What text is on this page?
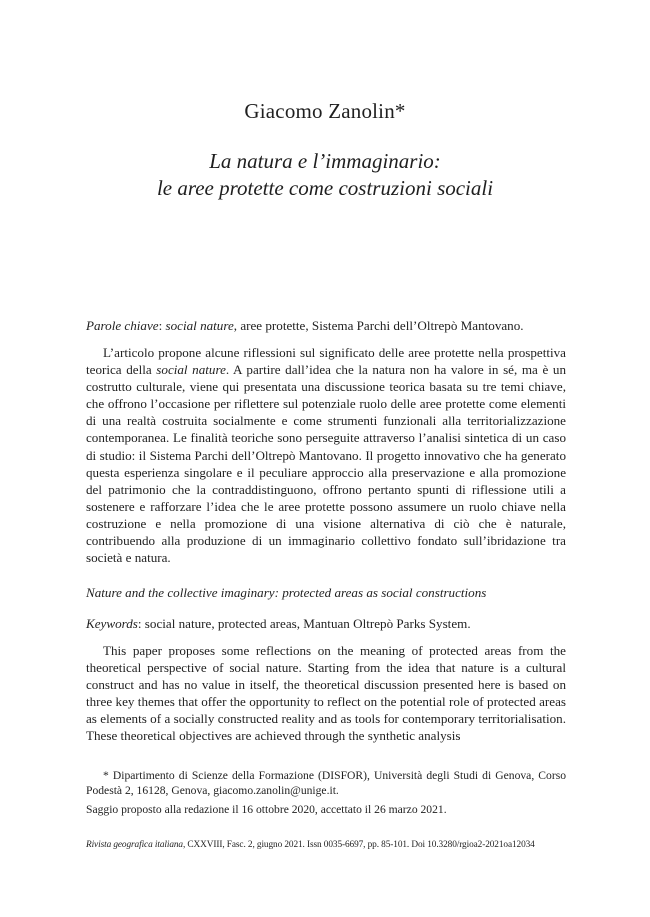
Giacomo Zanolin*
La natura e l’immaginario:
le aree protette come costruzioni sociali
Parole chiave: social nature, aree protette, Sistema Parchi dell’Oltrepò Mantovano.
L’articolo propone alcune riflessioni sul significato delle aree protette nella prospettiva teorica della social nature. A partire dall’idea che la natura non ha valore in sé, ma è un costrutto culturale, viene qui presentata una discussione teorica basata su tre temi chiave, che offrono l’occasione per riflettere sul potenziale ruolo delle aree protette come elementi di una realtà costruita socialmente e come strumenti funzionali alla territorializzazione contemporanea. Le finalità teoriche sono perseguite attraverso l’analisi sintetica di un caso di studio: il Sistema Parchi dell’Oltrepò Mantovano. Il progetto innovativo che ha generato questa esperienza singolare e il peculiare approccio alla preservazione e alla promozione del patrimonio che la contraddistinguono, offrono pertanto spunti di riflessione utili a sostenere e rafforzare l’idea che le aree protette possono assumere un ruolo chiave nella costruzione e nella promozione di una visione alternativa di ciò che è naturale, contribuendo alla produzione di un immaginario collettivo fondato sull’ibridazione tra società e natura.
Nature and the collective imaginary: protected areas as social constructions
Keywords: social nature, protected areas, Mantuan Oltrepò Parks System.
This paper proposes some reflections on the meaning of protected areas from the theoretical perspective of social nature. Starting from the idea that nature is a cultural construct and has no value in itself, the theoretical discussion presented here is based on three key themes that offer the opportunity to reflect on the potential role of protected areas as elements of a socially constructed reality and as tools for contemporary territorialisation. These theoretical objectives are achieved through the synthetic analysis
* Dipartimento di Scienze della Formazione (DISFOR), Università degli Studi di Genova, Corso Podestà 2, 16128, Genova, giacomo.zanolin@unige.it.
Saggio proposto alla redazione il 16 ottobre 2020, accettato il 26 marzo 2021.
Rivista geografica italiana, CXXVIII, Fasc. 2, giugno 2021. Issn 0035-6697, pp. 85-101. Doi 10.3280/rgioa2-2021oa12034
